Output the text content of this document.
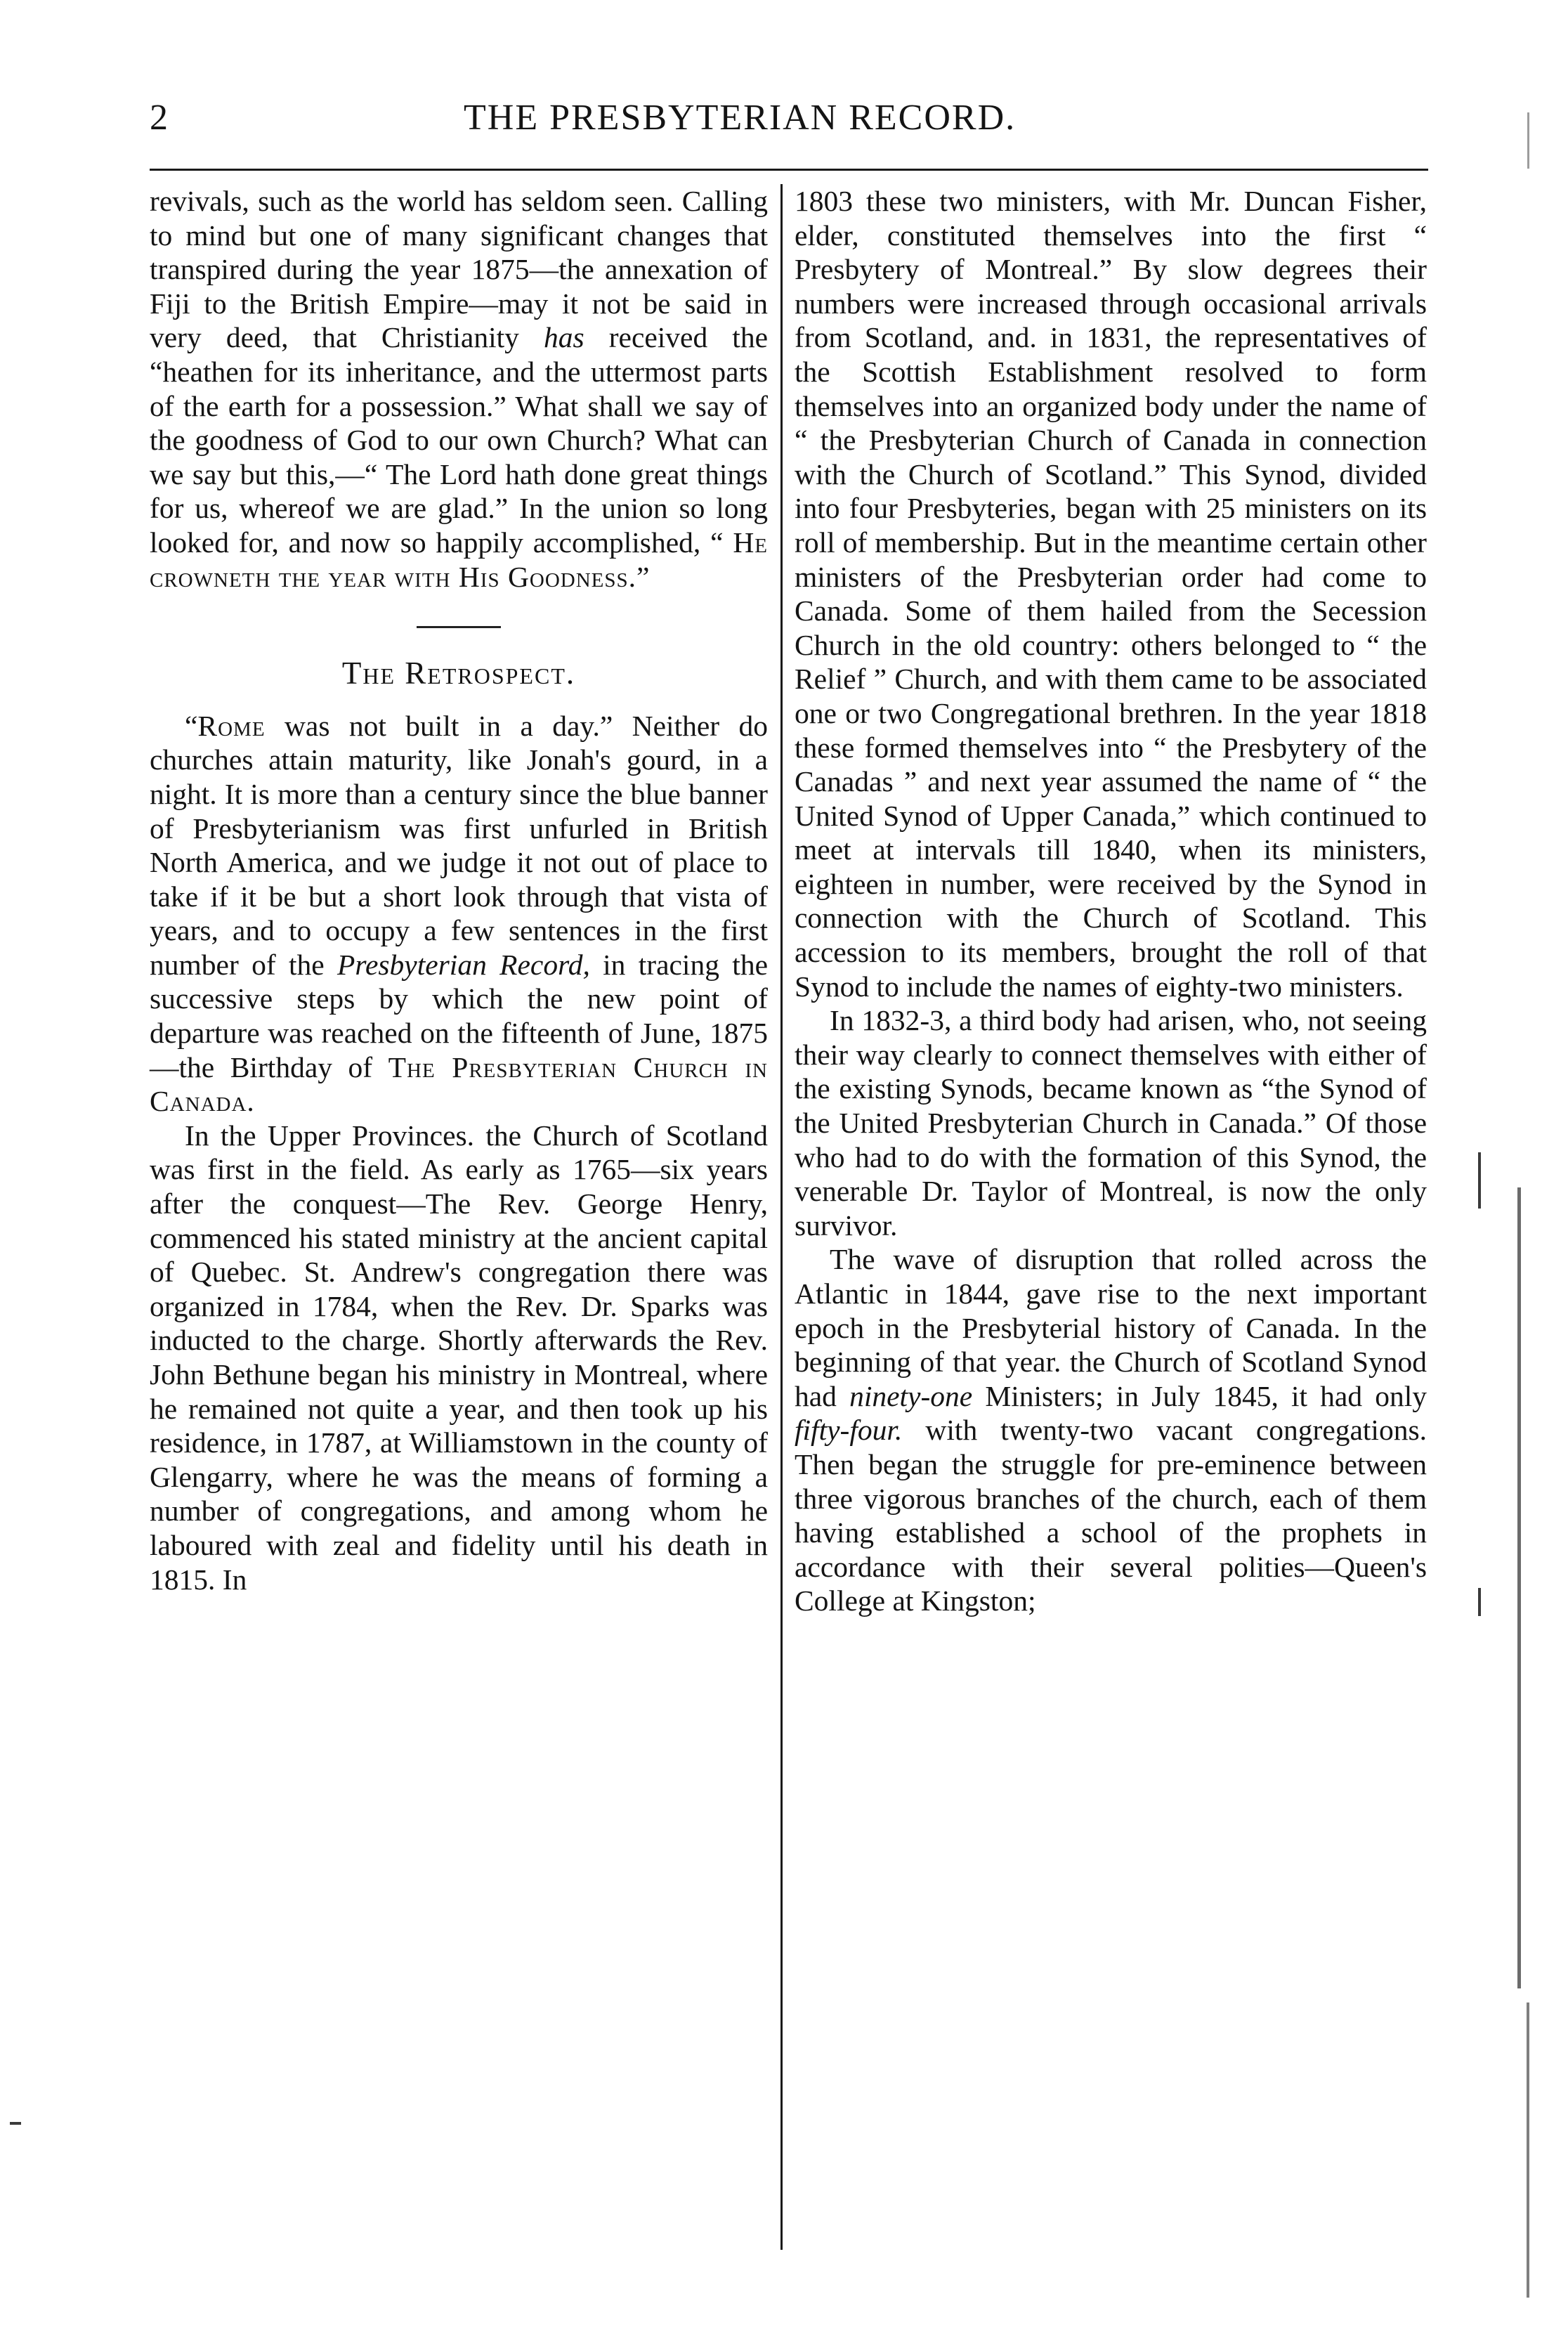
2	THE PRESBYTERIAN RECORD.

revivals, such as the world has seldom seen. Calling to mind but one of many significant changes that transpired during the year 1875—the annexation of Fiji to the British Empire—may it not be said in very deed, that Christianity has received the “heathen for its inheritance, and the uttermost parts of the earth for a possession.” What shall we say of the goodness of God to our own Church? What can we say but this,—“ The Lord hath done great things for us, whereof we are glad.” In the union so long looked for, and now so happily accomplished, “ He crowneth the year with His Goodness.”

The Retrospect.

“Rome was not built in a day.” Neither do churches attain maturity, like Jonah's gourd, in a night. It is more than a century since the blue banner of Presbyterianism was first unfurled in British North America, and we judge it not out of place to take if it be but a short look through that vista of years, and to occupy a few sentences in the first number of the Presbyterian Record, in tracing the successive steps by which the new point of departure was reached on the fifteenth of June, 1875—the Birthday of The Presbyterian Church in Canada.

In the Upper Provinces. the Church of Scotland was first in the field. As early as 1765—six years after the conquest—The Rev. George Henry, commenced his stated ministry at the ancient capital of Quebec. St. Andrew's congregation there was organized in 1784, when the Rev. Dr. Sparks was inducted to the charge. Shortly afterwards the Rev. John Bethune began his ministry in Montreal, where he remained not quite a year, and then took up his residence, in 1787, at Williamstown in the county of Glengarry, where he was the means of forming a number of congregations, and among whom he laboured with zeal and fidelity until his death in 1815. In

1803 these two ministers, with Mr. Duncan Fisher, elder, constituted themselves into the first “ Presbytery of Montreal.” By slow degrees their numbers were increased through occasional arrivals from Scotland, and. in 1831, the representatives of the Scottish Establishment resolved to form themselves into an organized body under the name of “ the Presbyterian Church of Canada in connection with the Church of Scotland.” This Synod, divided into four Presbyteries, began with 25 ministers on its roll of membership. But in the meantime certain other ministers of the Presbyterian order had come to Canada. Some of them hailed from the Secession Church in the old country: others belonged to “ the Relief ” Church, and with them came to be associated one or two Congregational brethren. In the year 1818 these formed themselves into “ the Presbytery of the Canadas ” and next year assumed the name of “ the United Synod of Upper Canada,” which continued to meet at intervals till 1840, when its ministers, eighteen in number, were received by the Synod in connection with the Church of Scotland. This accession to its members, brought the roll of that Synod to include the names of eighty-two ministers.

In 1832-3, a third body had arisen, who, not seeing their way clearly to connect themselves with either of the existing Synods, became known as “the Synod of the United Presbyterian Church in Canada.” Of those who had to do with the formation of this Synod, the venerable Dr. Taylor of Montreal, is now the only survivor.

The wave of disruption that rolled across the Atlantic in 1844, gave rise to the next important epoch in the Presbyterial history of Canada. In the beginning of that year. the Church of Scotland Synod had ninety-one Ministers; in July 1845, it had only fifty-four. with twenty-two vacant congregations. Then began the struggle for pre-eminence between three vigorous branches of the church, each of them having established a school of the prophets in accordance with their several polities—Queen's College at Kingston;
